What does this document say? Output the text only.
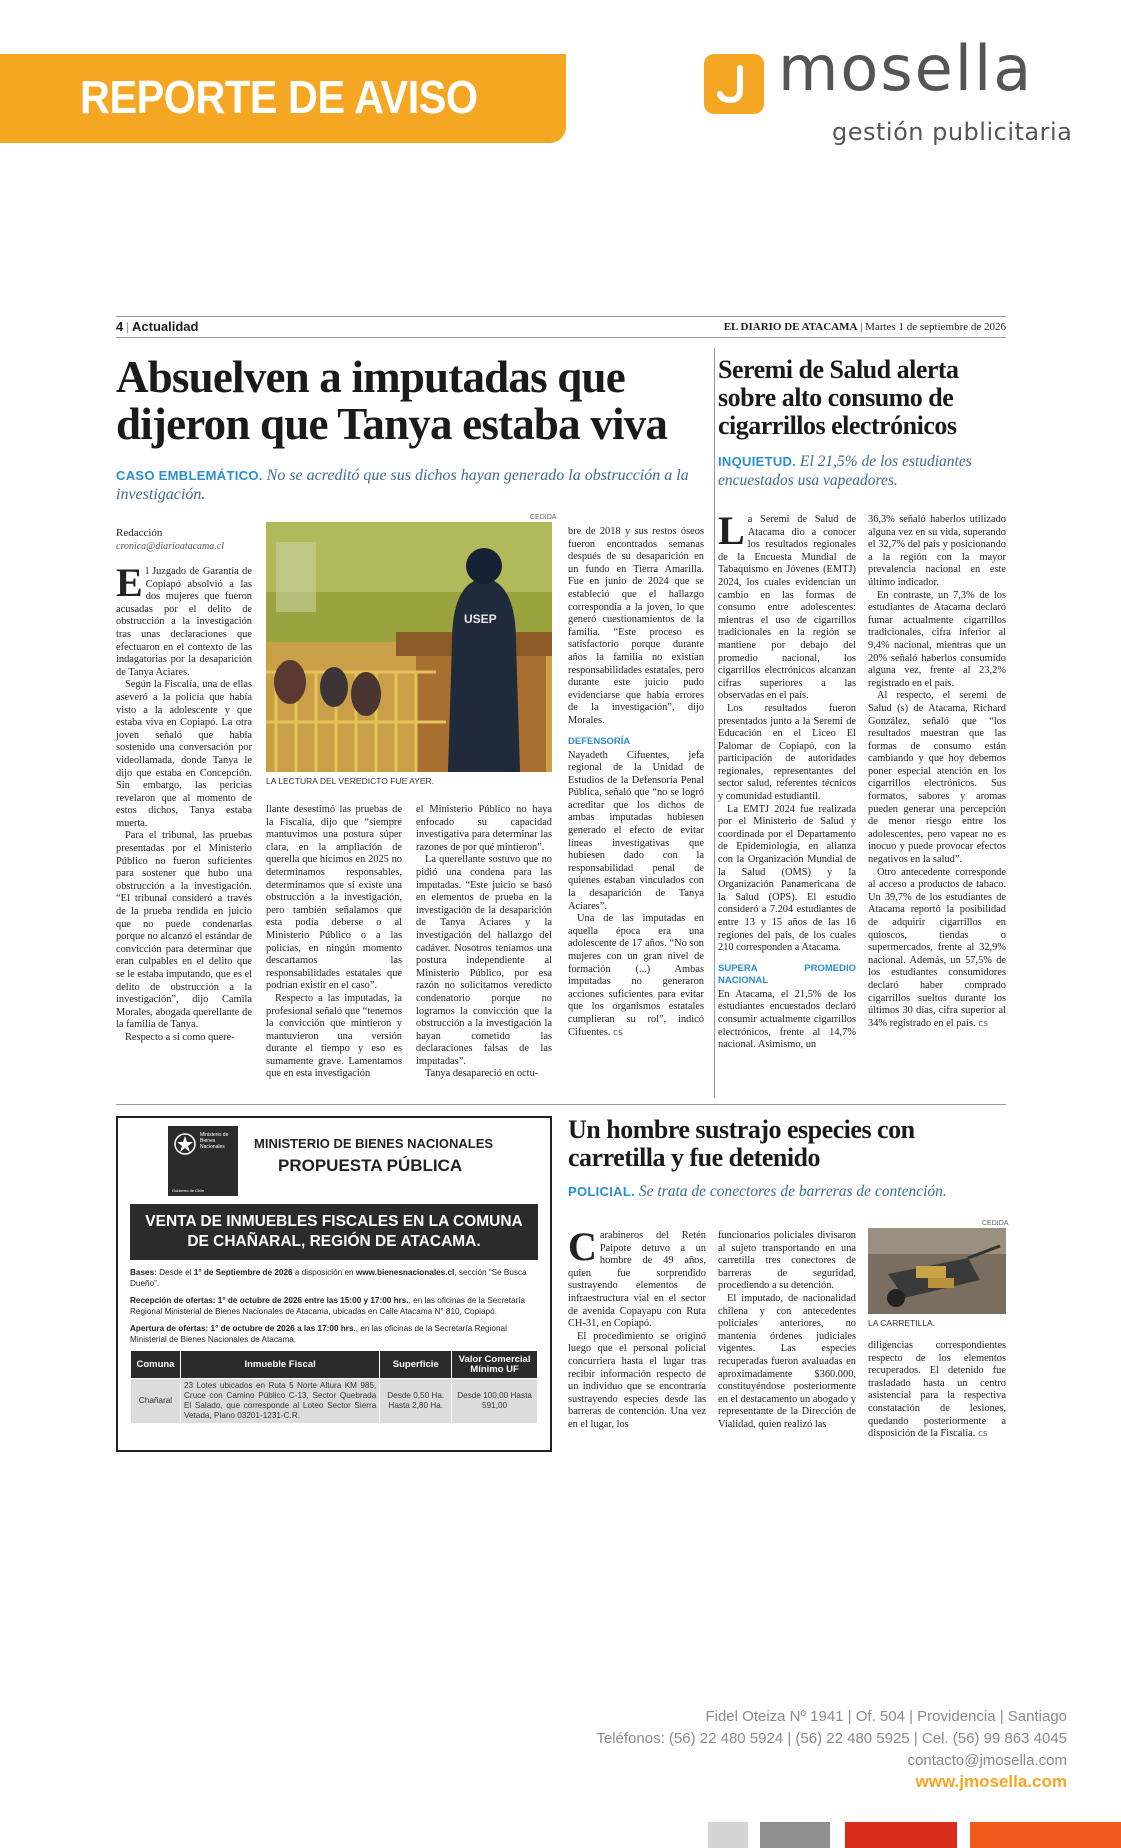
REPORTE DE AVISO	mosella
gestión publicitaria
4 | Actualidad	EL DIARIO DE ATACAMA | Martes 1 de septiembre de 2026
Absuelven a imputadas que dijeron que Tanya estaba viva
CASO EMBLEMÁTICO. No se acreditó que sus dichos hayan generado la obstrucción a la investigación.
Redacción
cronica@diarioatacama.cl

El Juzgado de Garantía de Copiapó absolvió a las dos mujeres que fueron acusadas por el delito de obstrucción a la investigación tras unas declaraciones que efectuaron en el contexto de las indagatorias por la desaparición de Tanya Aciares.

Según la Fiscalía, una de ellas aseveró a la policía que había visto a la adolescente y que estaba viva en Copiapó. La otra joven señaló que había sostenido una conversación por videollamada, donde Tanya le dijo que estaba en Concepción. Sin embargo, las pericias revelaron que al momento de estos dichos, Tanya estaba muerta.

Para el tribunal, las pruebas presentadas por el Ministerio Público no fueron suficientes para sostener que hubo una obstrucción a la investigación. “El tribunal consideró a través de la prueba rendida en juicio que no puede condenarlas porque no alcanzó el estándar de convicción para determinar que eran culpables en el delito que se le estaba imputando, que es el delito de obstrucción a la investigación”, dijo Camila Morales, abogada querellante de la familia de Tanya.

Respecto a si como quere-

CEDIDA
USEP
LA LECTURA DEL VEREDICTO FUE AYER.

llante desestimó las pruebas de la Fiscalía, dijo que “siempre mantuvimos una postura súper clara, en la ampliación de querella que hicimos en 2025 no determinamos responsables, determinamos que sí existe una obstrucción a la investigación, pero también señalamos que esta podía deberse o al Ministerio Público o a las policías, en ningún momento descartamos las responsabilidades estatales que podrían existir en el caso”.

Respecto a las imputadas, la profesional señaló que “tenemos la convicción que mintieron y mantuvieron una versión durante el tiempo y eso es sumamente grave. Lamentamos que en esta investigación

el Ministerio Público no haya enfocado su capacidad investigativa para determinar las razones de por qué mintieron”.

La querellante sostuvo que no pidió una condena para las imputadas. “Este juicio se basó en elementos de prueba en la investigación de la desaparición de Tanya Aciares y la investigación del hallazgo del cadáver. Nosotros teníamos una postura independiente al Ministerio Público, por esa razón no solicitamos veredicto condenatorio porque no logramos la convicción que la obstrucción a la investigación la hayan cometido las declaraciones falsas de las imputadas”.

Tanya desapareció en octu-

bre de 2018 y sus restos óseos fueron encontrados semanas después de su desaparición en un fundo en Tierra Amarilla. Fue en junio de 2024 que se estableció que el hallazgo correspondía a la joven, lo que generó cuestionamientos de la familia. “Este proceso es satisfactorio porque durante años la familia no existían responsabilidades estatales, pero durante este juicio pudo evidenciarse que había errores de la investigación”, dijo Morales.

DEFENSORÍA

Nayadeth Cifuentes, jefa regional de la Unidad de Estudios de la Defensoría Penal Pública, señaló que “no se logró acreditar que los dichos de ambas imputadas hubiesen generado el efecto de evitar líneas investigativas que hubiesen dado con la responsabilidad penal de quienes estaban vinculados con la desaparición de Tanya Aciares”.

Una de las imputadas en aquella época era una adolescente de 17 años. “No son mujeres con un gran nivel de formación (...) Ambas imputadas no generaron acciones suficientes para evitar que los organismos estatales cumplieran su rol”, indicó Cifuentes. cs

Seremi de Salud alerta sobre alto consumo de cigarrillos electrónicos
INQUIETUD. El 21,5% de los estudiantes encuestados usa vapeadores.

La Seremi de Salud de Atacama dio a conocer los resultados regionales de la Encuesta Mundial de Tabaquismo en Jóvenes (EMTJ) 2024, los cuales evidencian un cambio en las formas de consumo entre adolescentes: mientras el uso de cigarrillos tradicionales en la región se mantiene por debajo del promedio nacional, los cigarrillos electrónicos alcanzan cifras superiores a las observadas en el país.

Los resultados fueron presentados junto a la Seremi de Educación en el Liceo El Palomar de Copiapó, con la participación de autoridades regionales, representantes del sector salud, referentes técnicos y comunidad estudiantil.

La EMTJ 2024 fue realizada por el Ministerio de Salud y coordinada por el Departamento de Epidemiología, en alianza con la Organización Mundial de la Salud (OMS) y la Organización Panamericana de la Salud (OPS). El estudio consideró a 7.204 estudiantes de entre 13 y 15 años de las 16 regiones del país, de los cuales 210 corresponden a Atacama.

SUPERA PROMEDIO NACIONAL

En Atacama, el 21,5% de los estudiantes encuestados declaró consumir actualmente cigarrillos electrónicos, frente al 14,7% nacional. Asimismo, un

36,3% señaló haberlos utilizado alguna vez en su vida, superando el 32,7% del país y posicionando a la región con la mayor prevalencia nacional en este último indicador.

En contraste, un 7,3% de los estudiantes de Atacama declaró fumar actualmente cigarrillos tradicionales, cifra inferior al 9,4% nacional, mientras que un 20% señaló haberlos consumido alguna vez, frente al 23,2% registrado en el país.

Al respecto, el seremi de Salud (s) de Atacama, Richard González, señaló que “los resultados muestran que las formas de consumo están cambiando y que hoy debemos poner especial atención en los cigarrillos electrónicos. Sus formatos, sabores y aromas pueden generar una percepción de menor riesgo entre los adolescentes, pero vapear no es inocuo y puede provocar efectos negativos en la salud”.

Otro antecedente corresponde al acceso a productos de tabaco. Un 39,7% de los estudiantes de Atacama reportó la posibilidad de adquirir cigarrillos en quioscos, tiendas o supermercados, frente al 32,9% nacional. Además, un 57,5% de los estudiantes consumidores declaró haber comprado cigarrillos sueltos durante los últimos 30 días, cifra superior al 34% registrado en el país. cs

Ministerio de Bienes Nacionales
Gobierno de Chile
MINISTERIO DE BIENES NACIONALES
PROPUESTA PÚBLICA
VENTA DE INMUEBLES FISCALES EN LA COMUNA
DE CHAÑARAL, REGIÓN DE ATACAMA.
Bases: Desde el 1° de Septiembre de 2026 a disposición en www.bienesnacionales.cl, sección “Se Busca Dueño”.
Recepción de ofertas: 1° de octubre de 2026 entre las 15:00 y 17:00 hrs., en las oficinas de la Secretaría Regional Ministerial de Bienes Nacionales de Atacama, ubicadas en Calle Atacama N° 810, Copiapó.
Apertura de ofertas: 1° de octubre de 2026 a las 17:00 hrs., en las oficinas de la Secretaría Regional Ministerial de Bienes Nacionales de Atacama.
Comuna	Inmueble Fiscal	Superficie	Valor Comercial Mínimo UF
Chañaral	23 Lotes ubicados en Ruta 5 Norte Altura KM 985, Cruce con Camino Público C-13, Sector Quebrada El Salado, que corresponde al Loteo Sector Sierra Vetada, Plano 03201-1231-C.R.	Desde 0,50 Ha. Hasta 2,80 Ha.	Desde 100,00 Hasta 591,00
Un hombre sustrajo especies con carretilla y fue detenido
POLICIAL. Se trata de conectores de barreras de contención.

Carabineros del Retén Paipote detuvo a un hombre de 49 años, quien fue sorprendido sustrayendo elementos de infraestructura vial en el sector de avenida Copayapu con Ruta CH-31, en Copiapó.

El procedimiento se originó luego que el personal policial concurriera hasta el lugar tras recibir información respecto de un individuo que se encontraría sustrayendo especies desde las barreras de contención. Una vez en el lugar, los

funcionarios policiales divisaron al sujeto transportando en una carretilla tres conectores de barreras de seguridad, procediendo a su detención.

El imputado, de nacionalidad chilena y con antecedentes policiales anteriores, no mantenía órdenes judiciales vigentes. Las especies recuperadas fueron avaluadas en aproximadamente $360.000, constituyéndose posteriormente en el destacamento un abogado y representante de la Dirección de Vialidad, quien realizó las

CEDIDA
LA CARRETILLA.

diligencias correspondientes respecto de los elementos recuperados. El detenido fue trasladado hasta un centro asistencial para la respectiva constatación de lesiones, quedando posteriormente a disposición de la Fiscalía. cs

Fidel Oteiza Nº 1941 | Of. 504 | Providencia | Santiago
Teléfonos: (56) 22 480 5924 | (56) 22 480 5925 | Cel. (56) 99 863 4045
contacto@jmosella.com
www.jmosella.com
